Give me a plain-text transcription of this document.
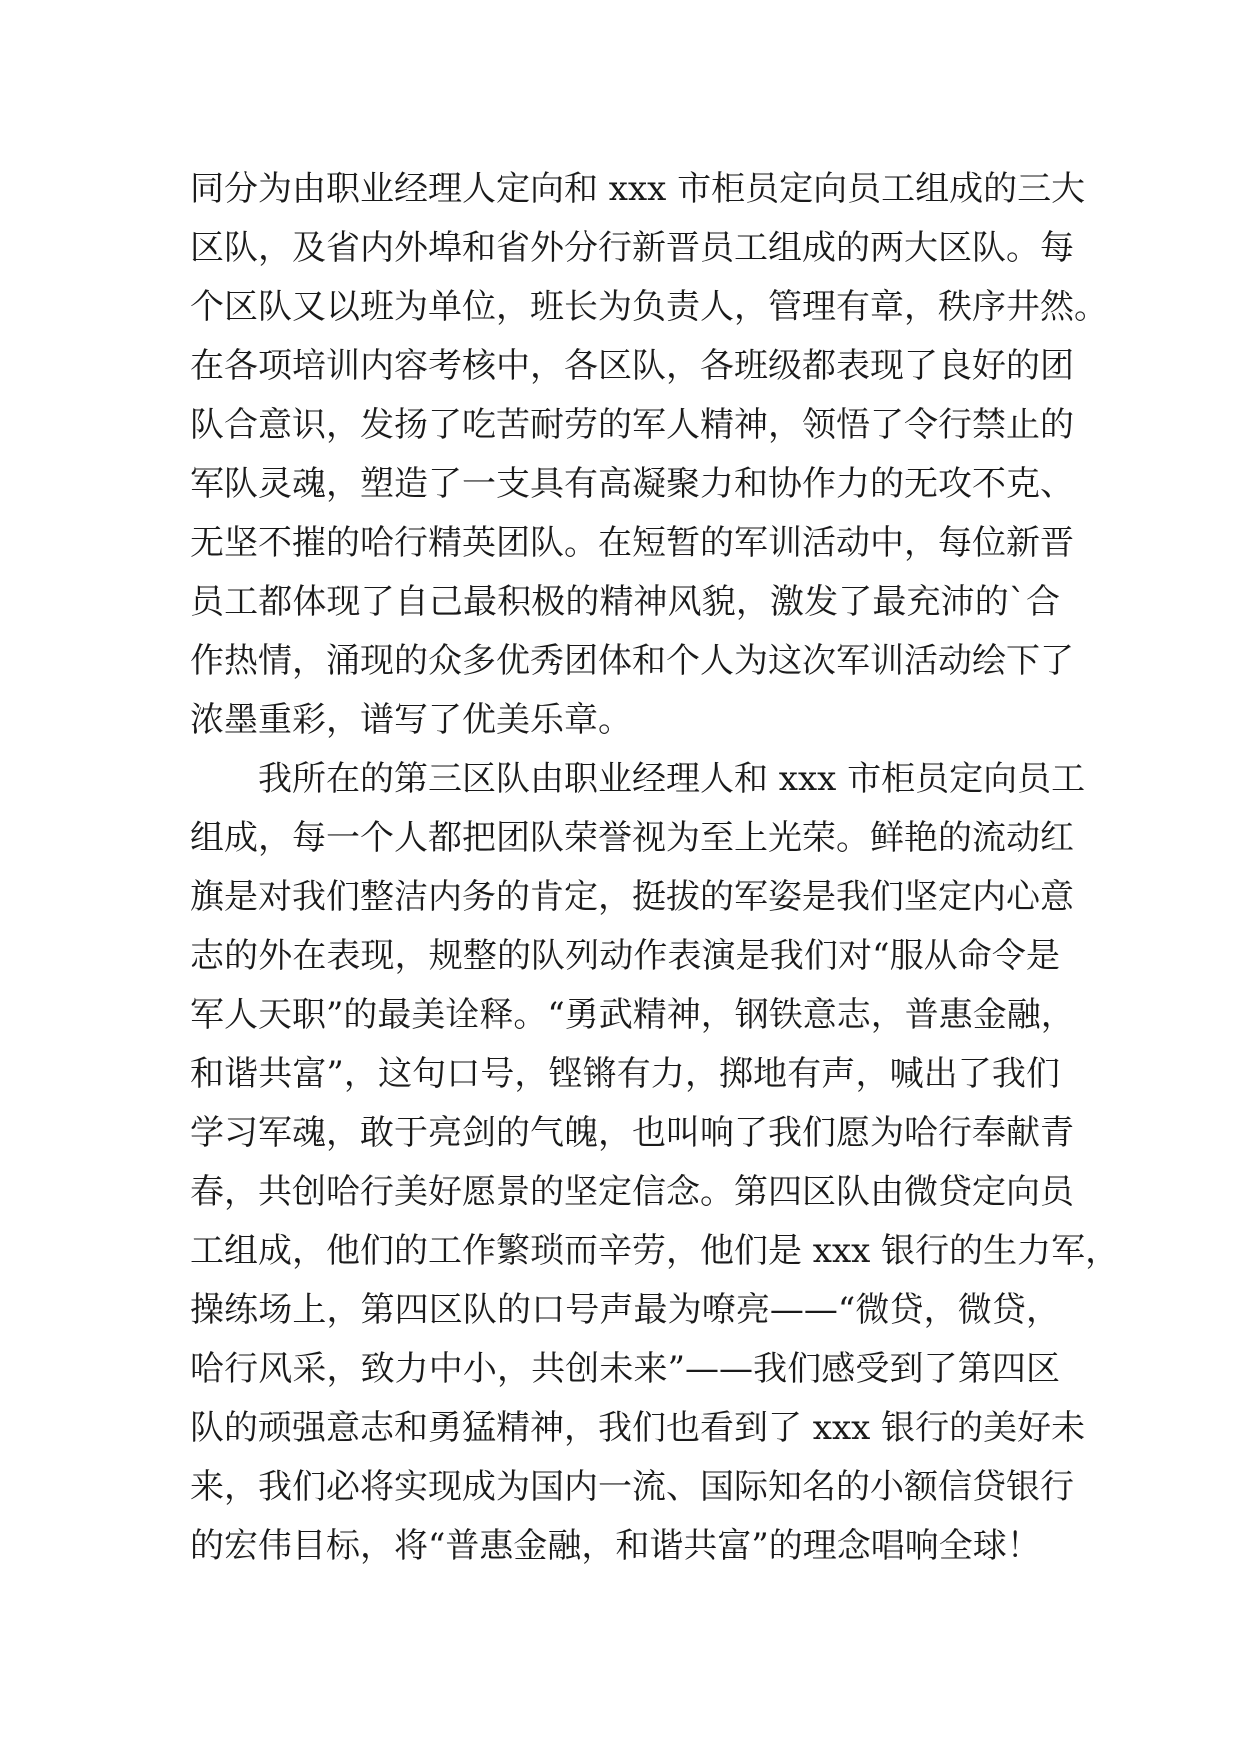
同分为由职业经理人定向和 xxx 市柜员定向员工组成的三大
区队，及省内外埠和省外分行新晋员工组成的两大区队。每
个区队又以班为单位，班长为负责人，管理有章，秩序井然。
在各项培训内容考核中，各区队，各班级都表现了良好的团
队合意识，发扬了吃苦耐劳的军人精神，领悟了令行禁止的
军队灵魂，塑造了一支具有高凝聚力和协作力的无攻不克、
无坚不摧的哈行精英团队。在短暂的军训活动中，每位新晋
员工都体现了自己最积极的精神风貌，激发了最充沛的`合
作热情，涌现的众多优秀团体和个人为这次军训活动绘下了
浓墨重彩，谱写了优美乐章。
我所在的第三区队由职业经理人和 xxx 市柜员定向员工
组成，每一个人都把团队荣誉视为至上光荣。鲜艳的流动红
旗是对我们整洁内务的肯定，挺拔的军姿是我们坚定内心意
志的外在表现，规整的队列动作表演是我们对“服从命令是
军人天职”的最美诠释。“勇武精神，钢铁意志，普惠金融，
和谐共富”，这句口号，铿锵有力，掷地有声，喊出了我们
学习军魂，敢于亮剑的气魄，也叫响了我们愿为哈行奉献青
春，共创哈行美好愿景的坚定信念。第四区队由微贷定向员
工组成，他们的工作繁琐而辛劳，他们是 xxx 银行的生力军，
操练场上，第四区队的口号声最为嘹亮——“微贷，微贷，
哈行风采，致力中小，共创未来”——我们感受到了第四区
队的顽强意志和勇猛精神，我们也看到了 xxx 银行的美好未
来，我们必将实现成为国内一流、国际知名的小额信贷银行
的宏伟目标，将“普惠金融，和谐共富”的理念唱响全球！
